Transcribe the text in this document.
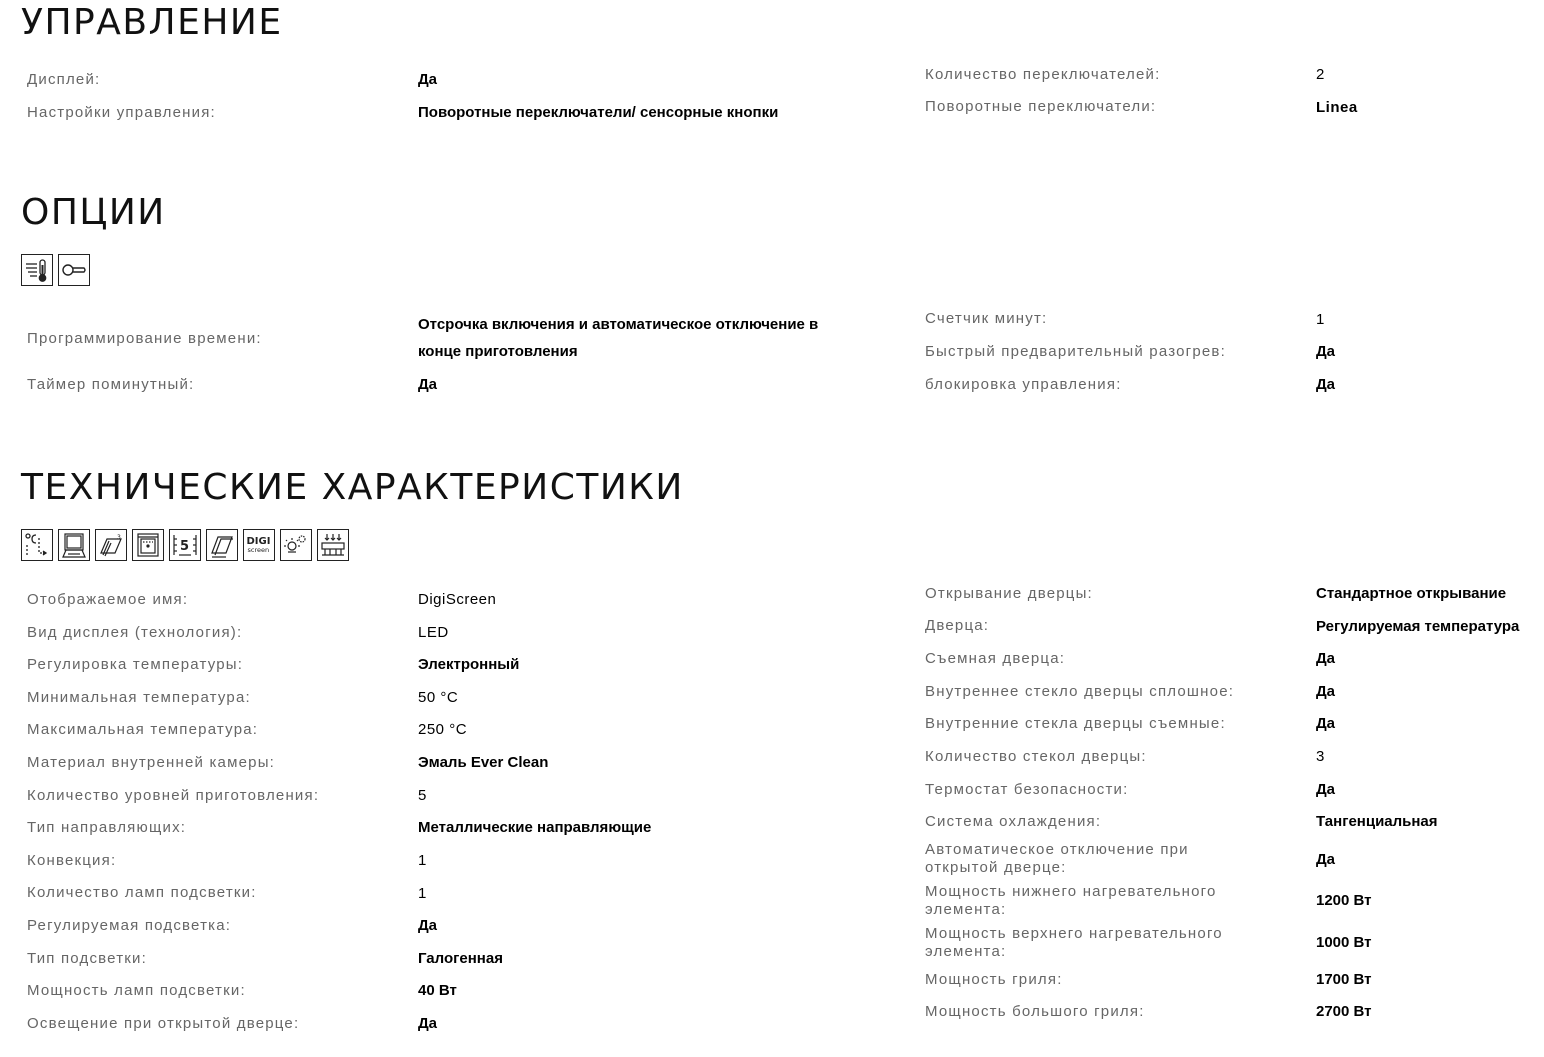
УПРАВЛЕНИЕ
Дисплей:	Да
Настройки управления:	Поворотные переключатели/ сенсорные кнопки
Количество переключателей:	2
Поворотные переключатели:	Linea
ОПЦИИ
Программирование времени:
Отсрочка включения и автоматическое отключение в конце приготовления
Таймер поминутный:	Да
Счетчик минут:	1
Быстрый предварительный разогрев:	Да
блокировка управления:	Да
ТЕХНИЧЕСКИЕ ХАРАКТЕРИСТИКИ
3
5	DIGI
screen
Отображаемое имя:	DigiScreen
Вид дисплея (технология):	LED
Регулировка температуры:	Электронный
Минимальная температура:	50 °C
Максимальная температура:	250 °C
Материал внутренней камеры:	Эмаль Ever Clean
Количество уровней приготовления:	5
Тип направляющих:	Металлические направляющие
Конвекция:	1
Количество ламп подсветки:	1
Регулируемая подсветка:	Да
Тип подсветки:	Галогенная
Мощность ламп подсветки:	40 Вт
Освещение при открытой дверце:	Да
Открывание дверцы:	Стандартное открывание
Дверца:	Регулируемая температура
Съемная дверца:	Да
Внутреннее стекло дверцы сплошное:	Да
Внутренние стекла дверцы съемные:	Да
Количество стекол дверцы:	3
Термостат безопасности:	Да
Система охлаждения:	Тангенциальная
Автоматическое отключение при открытой дверце:	Да
Мощность нижнего нагревательного элемента:
1200 Вт
Мощность верхнего нагревательного элемента:
1000 Вт
Мощность гриля:	1700 Вт
Мощность большого гриля:	2700 Вт
